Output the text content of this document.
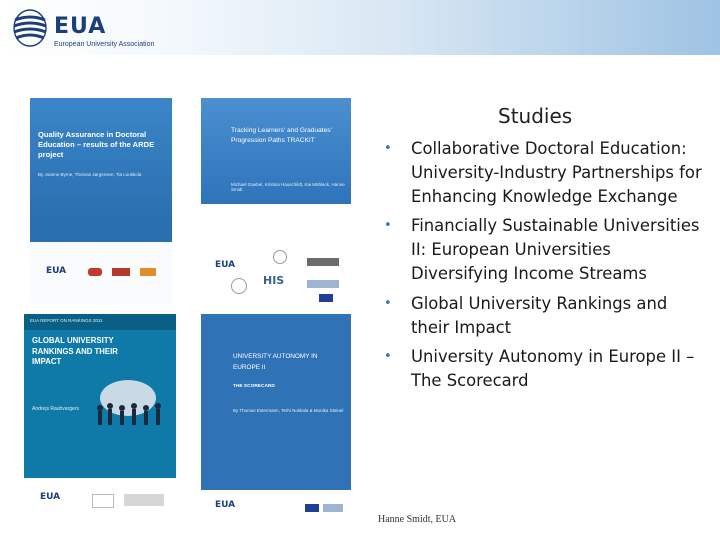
EUA
European University Association
Quality Assurance in Doctoral Education – results of the ARDE project
By Joanne Byrne, Thomas Jørgensen, Tia Loukkola
EUA
Tracking Learners' and Graduates' Progression Paths TRACKIT
Michael Gaebel, Kristina Hauschildt, Kai Mühleck, Hanne Smidt
EUA
HIS
EUA REPORT ON RANKINGS 2011
GLOBAL UNIVERSITY RANKINGS AND THEIR IMPACT
Andrejs Rauhvargers
EUA
UNIVERSITY AUTONOMY IN EUROPE II
THE SCORECARD
By Thomas Estermann, Terhi Nokkala & Monika Steinel
EUA
Studies
• Collaborative Doctoral Education: University-Industry Partnerships for Enhancing Knowledge Exchange
• Financially Sustainable Universities II: European Universities Diversifying Income Streams
• Global University Rankings and their Impact
• University Autonomy in Europe II – The Scorecard
Hanne Smidt, EUA
